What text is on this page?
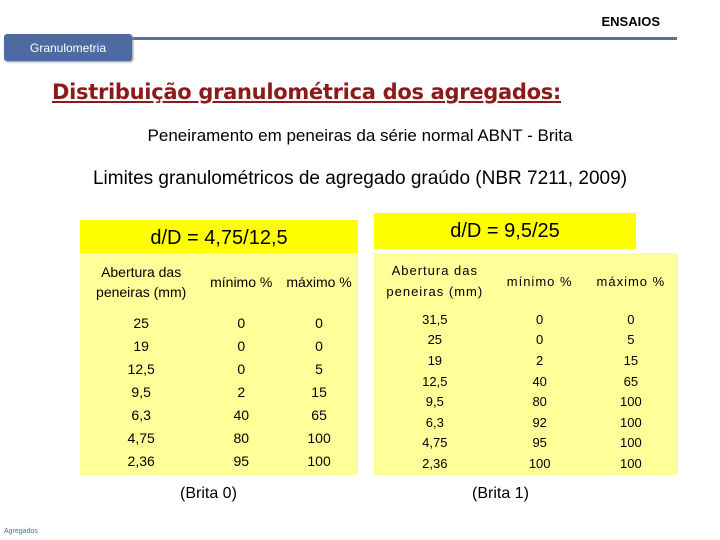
ENSAIOS
Granulometria
Distribuição granulométrica dos agregados:
Peneiramento em peneiras da série normal ABNT - Brita
Limites granulométricos de agregado graúdo (NBR 7211, 2009)
d/D = 4,75/12,5	d/D = 9,5/25
Abertura das peneiras (mm)	mínimo %	máximo %
25	0	0
19	0	0
12,5	0	5
9,5	2	15
6,3	40	65
4,75	80	100
2,36	95	100
Abertura das peneiras (mm)	mínimo %	máximo %
31,5	0	0
25	0	5
19	2	15
12,5	40	65
9,5	80	100
6,3	92	100
4,75	95	100
2,36	100	100
(Brita 0)	(Brita 1)
Agregados
